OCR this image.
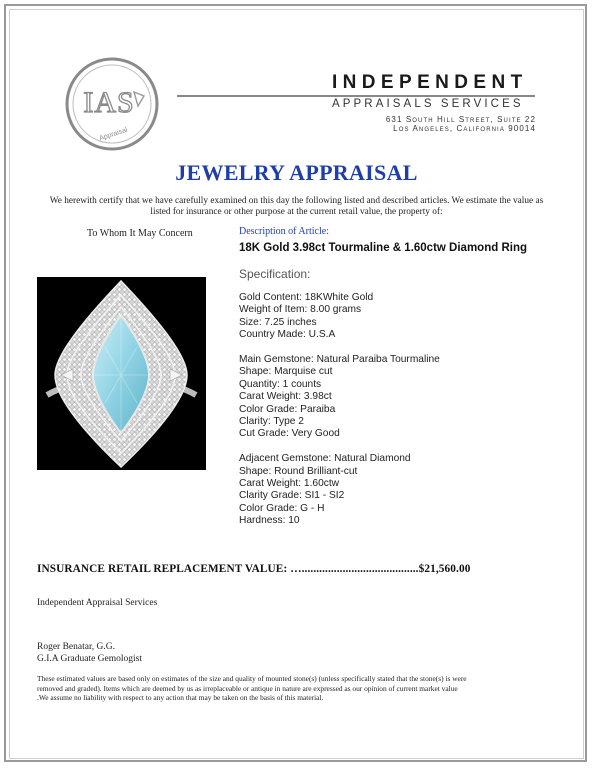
IAS
Appraisal
INDEPENDENT
APPRAISALS SERVICES
631 South Hill Street, Suite 22
Los Angeles, California 90014
JEWELRY APPRAISAL
We herewith certify that we have carefully examined on this day the following listed and described articles. We estimate the value as listed for insurance or other purpose at the current retail value, the property of:
To Whom It May Concern	Description of Article:
18K Gold 3.98ct Tourmaline & 1.60ctw Diamond Ring
Specification:
Gold Content: 18KWhite Gold
Weight of Item: 8.00 grams
Size: 7.25 inches
Country Made: U.S.A
Main Gemstone: Natural Paraiba Tourmaline
Shape: Marquise cut
Quantity: 1 counts
Carat Weight: 3.98ct
Color Grade: Paraiba
Clarity: Type 2
Cut Grade: Very Good
Adjacent Gemstone: Natural Diamond
Shape: Round Brilliant-cut
Carat Weight: 1.60ctw
Clarity Grade: SI1 - SI2
Color Grade: G - H
Hardness: 10
INSURANCE RETAIL REPLACEMENT VALUE: …........................................$21,560.00
Independent Appraisal Services
Roger Benatar, G.G.
G.I.A Graduate Gemologist
These estimated values are based only on estimates of the size and quality of mounted stone(s) (unless specifically stated that the stone(s) is were removed and graded). Items which are deemed by us as irreplaceable or antique in nature are expressed as our opinion of current market value .We assume no liability with respect to any action that may be taken on the basis of this material.
